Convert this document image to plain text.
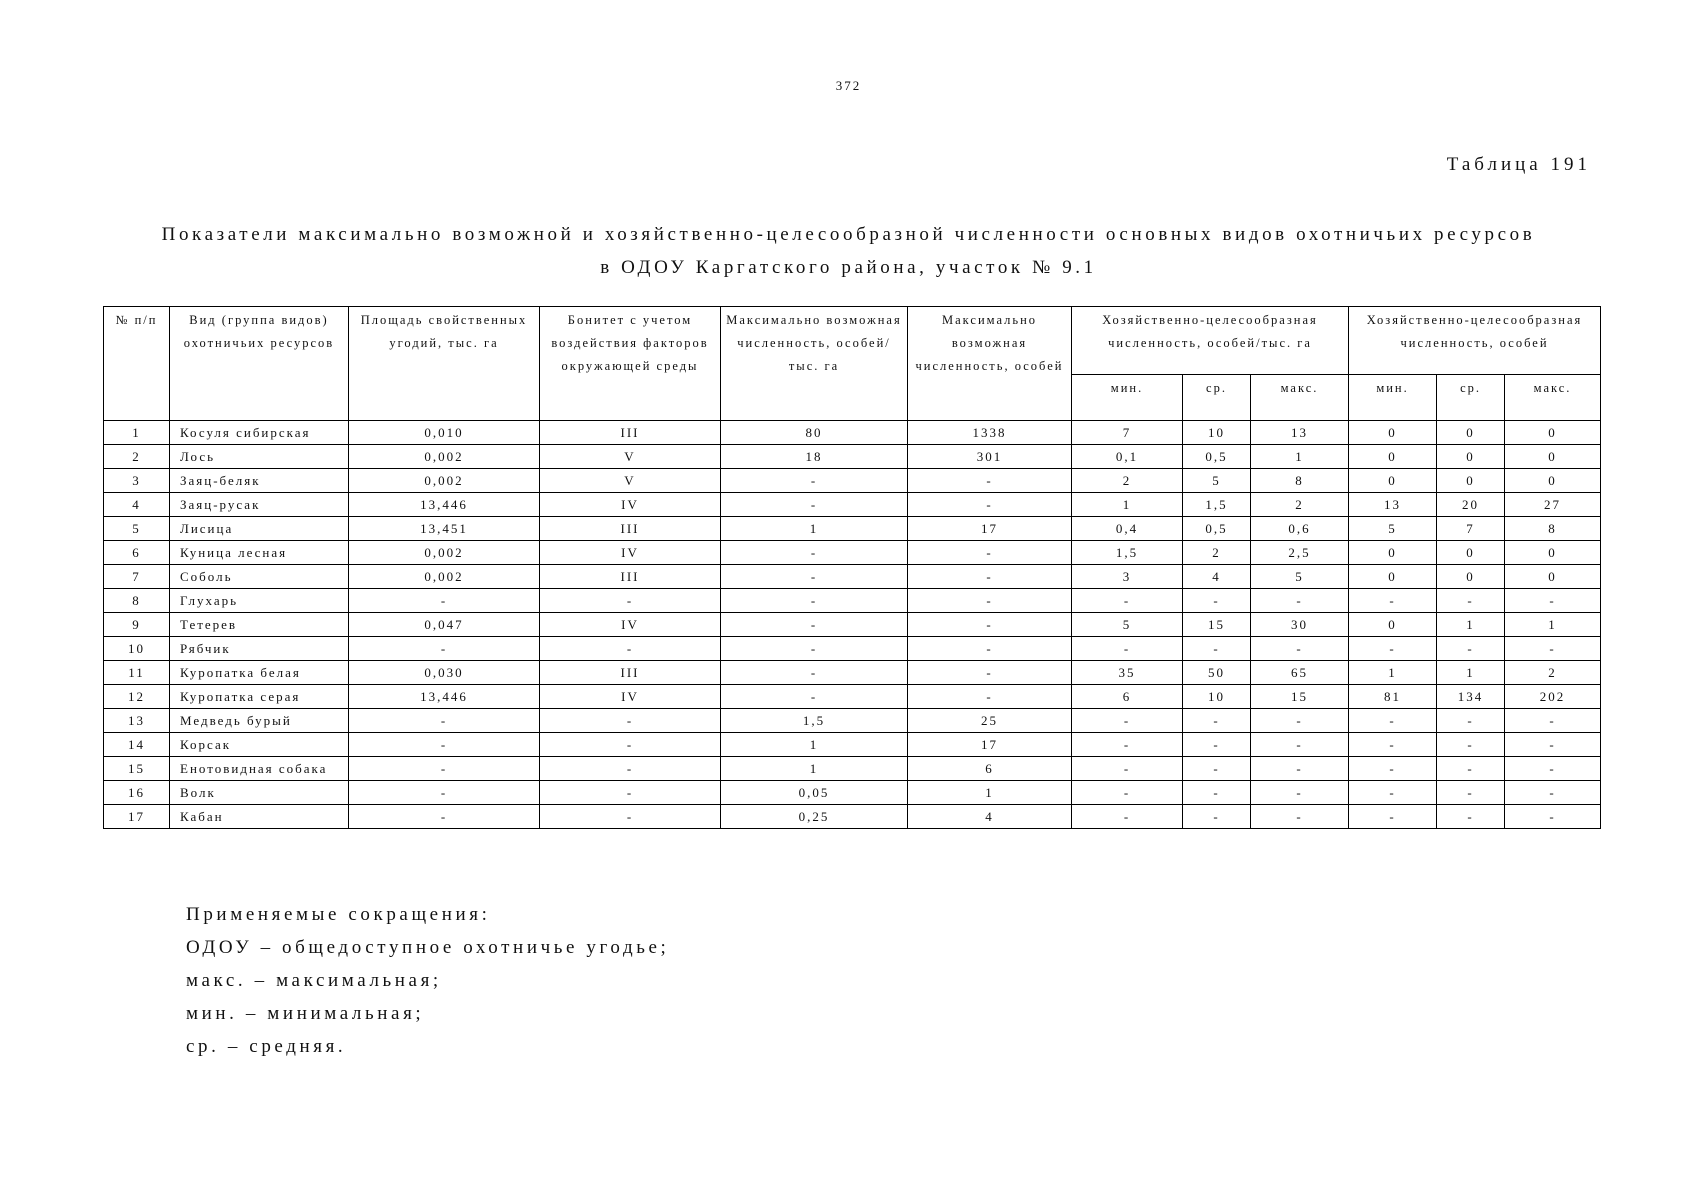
372
Таблица 191
Показатели максимально возможной и хозяйственно-целесообразной численности основных видов охотничьих ресурсов
в ОДОУ Каргатского района, участок № 9.1
№ п/п	Вид (группа видов) охотничьих ресурсов	Площадь свойственных угодий, тыс. га	Бонитет с учетом воздействия факторов окружающей среды	Максимально возможная численность, особей/тыс. га	Максимально возможная численность, особей	Хозяйственно-целесообразная численность, особей/тыс. га			Хозяйственно-целесообразная численность, особей		
						мин.	ср.	макс.	мин.	ср.	макс.
1	Косуля сибирская	0,010	III	80	1338	7	10	13	0	0	0
2	Лось	0,002	V	18	301	0,1	0,5	1	0	0	0
3	Заяц-беляк	0,002	V	-	-	2	5	8	0	0	0
4	Заяц-русак	13,446	IV	-	-	1	1,5	2	13	20	27
5	Лисица	13,451	III	1	17	0,4	0,5	0,6	5	7	8
6	Куница лесная	0,002	IV	-	-	1,5	2	2,5	0	0	0
7	Соболь	0,002	III	-	-	3	4	5	0	0	0
8	Глухарь	-	-	-	-	-	-	-	-	-	-
9	Тетерев	0,047	IV	-	-	5	15	30	0	1	1
10	Рябчик	-	-	-	-	-	-	-	-	-	-
11	Куропатка белая	0,030	III	-	-	35	50	65	1	1	2
12	Куропатка серая	13,446	IV	-	-	6	10	15	81	134	202
13	Медведь бурый	-	-	1,5	25	-	-	-	-	-	-
14	Корсак	-	-	1	17	-	-	-	-	-	-
15	Енотовидная собака	-	-	1	6	-	-	-	-	-	-
16	Волк	-	-	0,05	1	-	-	-	-	-	-
17	Кабан	-	-	0,25	4	-	-	-	-	-	-
Применяемые сокращения:
ОДОУ – общедоступное охотничье угодье;
макс. – максимальная;
мин. – минимальная;
ср. – средняя.
